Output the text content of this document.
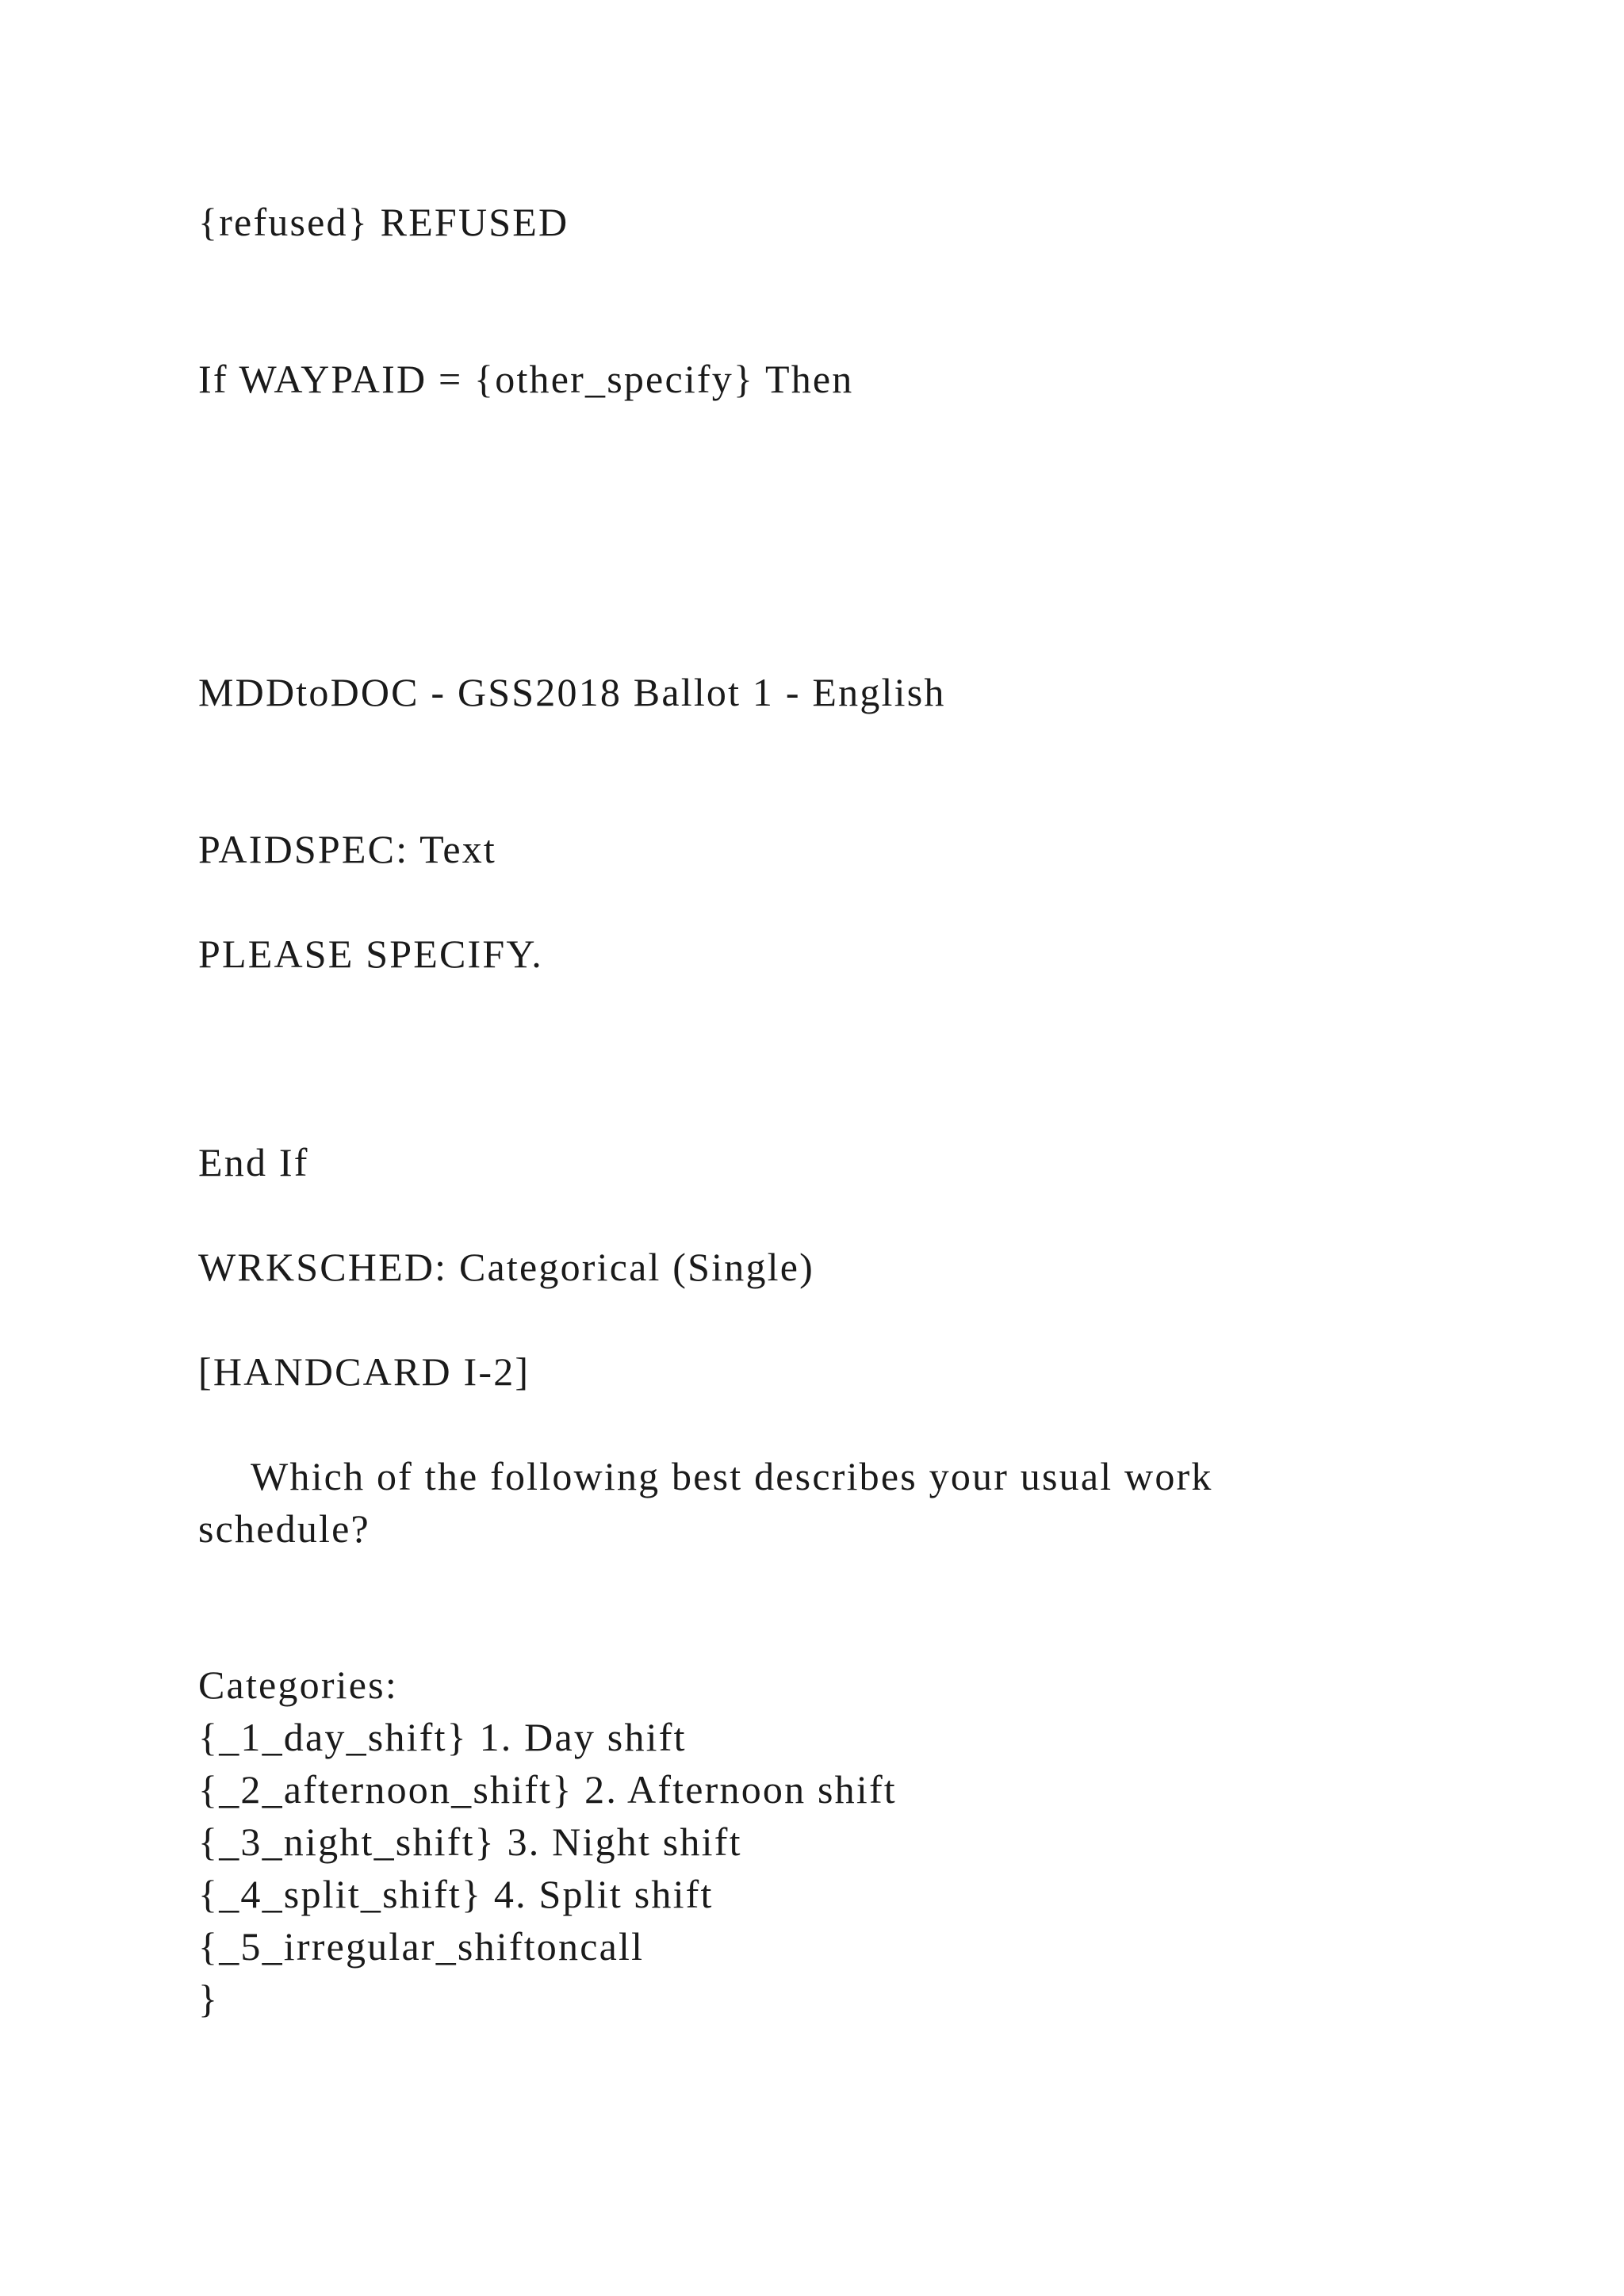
{refused} REFUSED

If WAYPAID = {other_specify} Then

MDDtoDOC - GSS2018 Ballot 1 - English

PAIDSPEC: Text

PLEASE SPECIFY.

End If

WRKSCHED: Categorical (Single)

[HANDCARD I-2]

Which of the following best describes your usual work

schedule?

Categories:

{_1_day_shift} 1. Day shift

{_2_afternoon_shift} 2. Afternoon shift

{_3_night_shift} 3. Night shift

{_4_split_shift} 4. Split shift

{_5_irregular_shiftoncall

}
